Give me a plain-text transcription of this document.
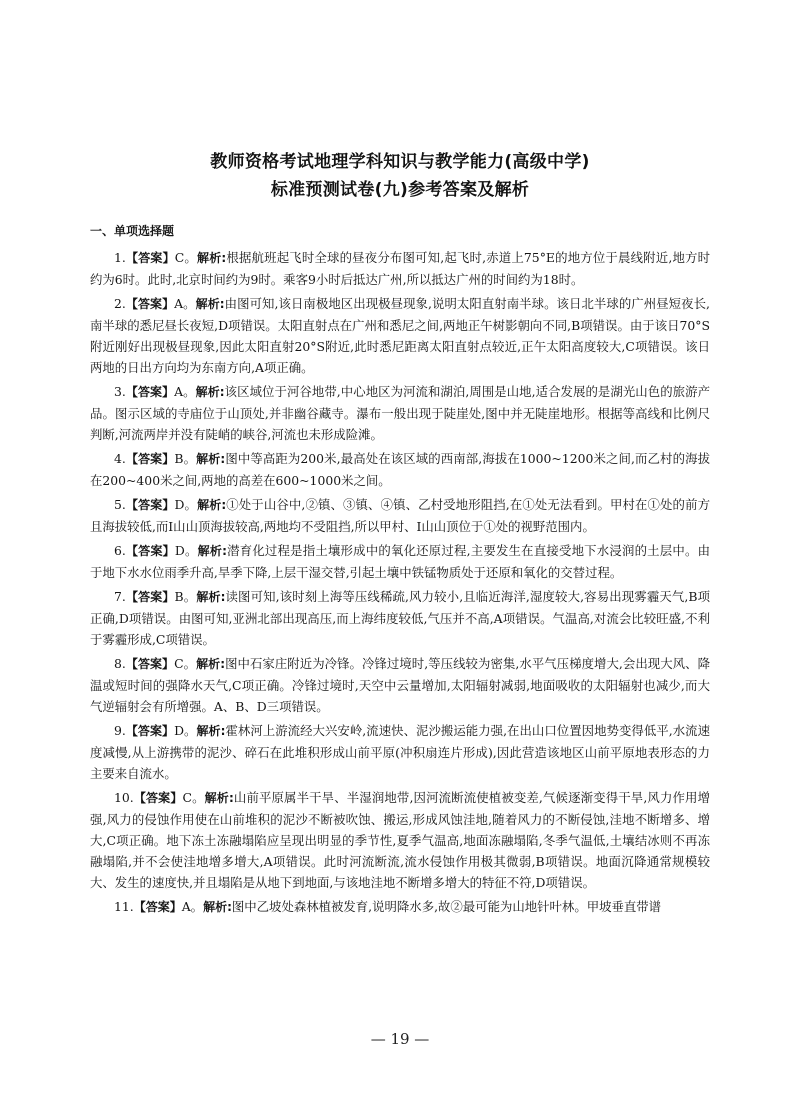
教师资格考试地理学科知识与教学能力(高级中学)
标准预测试卷(九)参考答案及解析
一、单项选择题

1.【答案】C。解析:根据航班起飞时全球的昼夜分布图可知,起飞时,赤道上75°E的地方位于晨线附近,地方时约为6时。此时,北京时间约为9时。乘客9小时后抵达广州,所以抵达广州的时间约为18时。

2.【答案】A。解析:由图可知,该日南极地区出现极昼现象,说明太阳直射南半球。该日北半球的广州昼短夜长,南半球的悉尼昼长夜短,D项错误。太阳直射点在广州和悉尼之间,两地正午树影朝向不同,B项错误。由于该日70°S附近刚好出现极昼现象,因此太阳直射20°S附近,此时悉尼距离太阳直射点较近,正午太阳高度较大,C项错误。该日两地的日出方向均为东南方向,A项正确。

3.【答案】A。解析:该区域位于河谷地带,中心地区为河流和湖泊,周围是山地,适合发展的是湖光山色的旅游产品。图示区域的寺庙位于山顶处,并非幽谷藏寺。瀑布一般出现于陡崖处,图中并无陡崖地形。根据等高线和比例尺判断,河流两岸并没有陡峭的峡谷,河流也未形成险滩。

4.【答案】B。解析:图中等高距为200米,最高处在该区域的西南部,海拔在1000~1200米之间,而乙村的海拔在200~400米之间,两地的高差在600~1000米之间。

5.【答案】D。解析:①处于山谷中,②镇、③镇、④镇、乙村受地形阻挡,在①处无法看到。甲村在①处的前方且海拔较低,而Ⅰ山山顶海拔较高,两地均不受阻挡,所以甲村、Ⅰ山山顶位于①处的视野范围内。

6.【答案】D。解析:潜育化过程是指土壤形成中的氧化还原过程,主要发生在直接受地下水浸润的土层中。由于地下水水位雨季升高,旱季下降,上层干湿交替,引起土壤中铁锰物质处于还原和氧化的交替过程。

7.【答案】B。解析:读图可知,该时刻上海等压线稀疏,风力较小,且临近海洋,湿度较大,容易出现雾霾天气,B项正确,D项错误。由图可知,亚洲北部出现高压,而上海纬度较低,气压并不高,A项错误。气温高,对流会比较旺盛,不利于雾霾形成,C项错误。

8.【答案】C。解析:图中石家庄附近为冷锋。冷锋过境时,等压线较为密集,水平气压梯度增大,会出现大风、降温或短时间的强降水天气,C项正确。冷锋过境时,天空中云量增加,太阳辐射减弱,地面吸收的太阳辐射也减少,而大气逆辐射会有所增强。A、B、D三项错误。

9.【答案】D。解析:霍林河上游流经大兴安岭,流速快、泥沙搬运能力强,在出山口位置因地势变得低平,水流速度减慢,从上游携带的泥沙、碎石在此堆积形成山前平原(冲积扇连片形成),因此营造该地区山前平原地表形态的力主要来自流水。

10.【答案】C。解析:山前平原属半干旱、半湿润地带,因河流断流使植被变差,气候逐渐变得干旱,风力作用增强,风力的侵蚀作用使在山前堆积的泥沙不断被吹蚀、搬运,形成风蚀洼地,随着风力的不断侵蚀,洼地不断增多、增大,C项正确。地下冻土冻融塌陷应呈现出明显的季节性,夏季气温高,地面冻融塌陷,冬季气温低,土壤结冰则不再冻融塌陷,并不会使洼地增多增大,A项错误。此时河流断流,流水侵蚀作用极其微弱,B项错误。地面沉降通常规模较大、发生的速度快,并且塌陷是从地下到地面,与该地洼地不断增多增大的特征不符,D项错误。

11.【答案】A。解析:图中乙坡处森林植被发育,说明降水多,故②最可能为山地针叶林。甲坡垂直带谱

— 19 —
